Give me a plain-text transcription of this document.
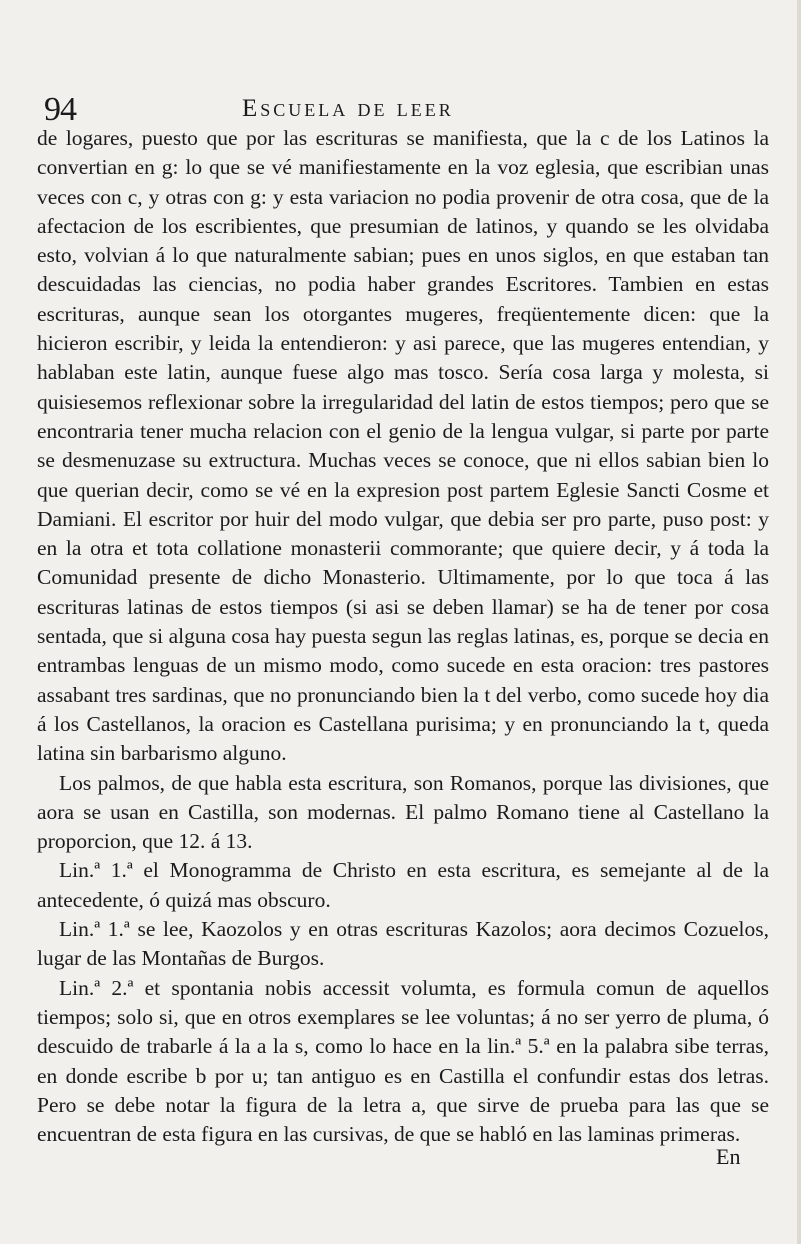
94	Escuela de leer

de logares, puesto que por las escrituras se manifiesta, que la c de los Latinos la convertian en g: lo que se vé manifiestamente en la voz eglesia, que escribian unas veces con c, y otras con g: y esta variacion no podia provenir de otra cosa, que de la afectacion de los escribientes, que presumian de latinos, y quando se les olvidaba esto, volvian á lo que naturalmente sabian; pues en unos siglos, en que estaban tan descuidadas las ciencias, no podia haber grandes Escritores. Tambien en estas escrituras, aunque sean los otorgantes mugeres, freqüentemente dicen: que la hicieron escribir, y leida la entendieron: y asi parece, que las mugeres entendian, y hablaban este latin, aunque fuese algo mas tosco. Sería cosa larga y molesta, si quisiesemos reflexionar sobre la irregularidad del latin de estos tiempos; pero que se encontraria tener mucha relacion con el genio de la lengua vulgar, si parte por parte se desmenuzase su extructura. Muchas veces se conoce, que ni ellos sabian bien lo que querian decir, como se vé en la expresion post partem Eglesie Sancti Cosme et Damiani. El escritor por huir del modo vulgar, que debia ser pro parte, puso post: y en la otra et tota collatione monasterii commorante; que quiere decir, y á toda la Comunidad presente de dicho Monasterio. Ultimamente, por lo que toca á las escrituras latinas de estos tiempos (si asi se deben llamar) se ha de tener por cosa sentada, que si alguna cosa hay puesta segun las reglas latinas, es, porque se decia en entrambas lenguas de un mismo modo, como sucede en esta oracion: tres pastores assabant tres sardinas, que no pronunciando bien la t del verbo, como sucede hoy dia á los Castellanos, la oracion es Castellana purisima; y en pronunciando la t, queda latina sin barbarismo alguno.

Los palmos, de que habla esta escritura, son Romanos, porque las divisiones, que aora se usan en Castilla, son modernas. El palmo Romano tiene al Castellano la proporcion, que 12. á 13.

Lin.ª 1.ª el Monogramma de Christo en esta escritura, es semejante al de la antecedente, ó quizá mas obscuro.

Lin.ª 1.ª se lee, Kaozolos y en otras escrituras Kazolos; aora decimos Cozuelos, lugar de las Montañas de Burgos.

Lin.ª 2.ª et spontania nobis accessit volumta, es formula comun de aquellos tiempos; solo si, que en otros exemplares se lee voluntas; á no ser yerro de pluma, ó descuido de trabarle á la a la s, como lo hace en la lin.ª 5.ª en la palabra sibe terras, en donde escribe b por u; tan antiguo es en Castilla el confundir estas dos letras. Pero se debe notar la figura de la letra a, que sirve de prueba para las que se encuentran de esta figura en las cursivas, de que se habló en las laminas primeras.

En
